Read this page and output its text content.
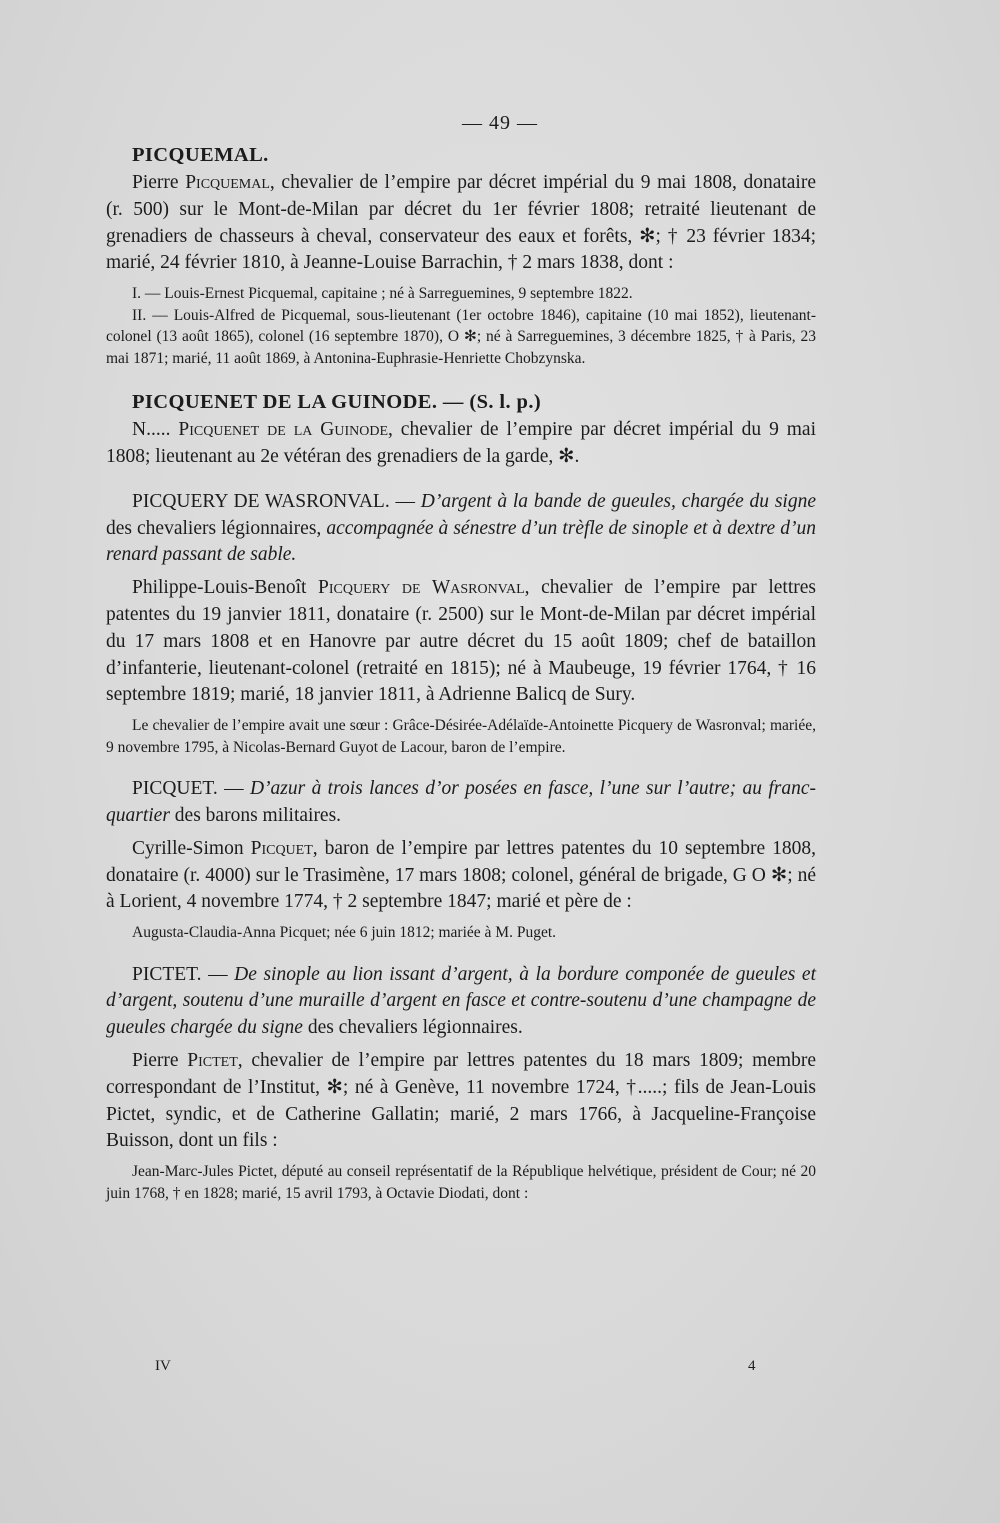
— 49 —
PICQUEMAL.

Pierre Picquemal, chevalier de l’empire par décret impérial du 9 mai 1808, donataire (r. 500) sur le Mont-de-Milan par décret du 1er février 1808; retraité lieutenant de grenadiers de chasseurs à cheval, conservateur des eaux et forêts, ✻; † 23 février 1834; marié, 24 février 1810, à Jeanne-Louise Barrachin, † 2 mars 1838, dont :

I. — Louis-Ernest Picquemal, capitaine ; né à Sarreguemines, 9 septembre 1822.

II. — Louis-Alfred de Picquemal, sous-lieutenant (1er octobre 1846), capitaine (10 mai 1852), lieutenant-colonel (13 août 1865), colonel (16 septembre 1870), O ✻; né à Sarreguemines, 3 décembre 1825, † à Paris, 23 mai 1871; marié, 11 août 1869, à Antonina-Euphrasie-Henriette Chobzynska.

PICQUENET DE LA GUINODE. — (S. l. p.)

N..... Picquenet de la Guinode, chevalier de l’empire par décret impérial du 9 mai 1808; lieutenant au 2e vétéran des grenadiers de la garde, ✻.

PICQUERY DE WASRONVAL. — D’argent à la bande de gueules, chargée du signe des chevaliers légionnaires, accompagnée à sénestre d’un trèfle de sinople et à dextre d’un renard passant de sable.

Philippe-Louis-Benoît Picquery de Wasronval, chevalier de l’empire par lettres patentes du 19 janvier 1811, donataire (r. 2500) sur le Mont-de-Milan par décret impérial du 17 mars 1808 et en Hanovre par autre décret du 15 août 1809; chef de bataillon d’infanterie, lieutenant-colonel (retraité en 1815); né à Maubeuge, 19 février 1764, † 16 septembre 1819; marié, 18 janvier 1811, à Adrienne Balicq de Sury.

Le chevalier de l’empire avait une sœur : Grâce-Désirée-Adélaïde-Antoinette Picquery de Wasronval; mariée, 9 novembre 1795, à Nicolas-Bernard Guyot de Lacour, baron de l’empire.

PICQUET. — D’azur à trois lances d’or posées en fasce, l’une sur l’autre; au franc-quartier des barons militaires.

Cyrille-Simon Picquet, baron de l’empire par lettres patentes du 10 septembre 1808, donataire (r. 4000) sur le Trasimène, 17 mars 1808; colonel, général de brigade, G O ✻; né à Lorient, 4 novembre 1774, † 2 septembre 1847; marié et père de :

Augusta-Claudia-Anna Picquet; née 6 juin 1812; mariée à M. Puget.

PICTET. — De sinople au lion issant d’argent, à la bordure componée de gueules et d’argent, soutenu d’une muraille d’argent en fasce et contre-soutenu d’une champagne de gueules chargée du signe des chevaliers légionnaires.

Pierre Pictet, chevalier de l’empire par lettres patentes du 18 mars 1809; membre correspondant de l’Institut, ✻; né à Genève, 11 novembre 1724, †.....; fils de Jean-Louis Pictet, syndic, et de Catherine Gallatin; marié, 2 mars 1766, à Jacqueline-Françoise Buisson, dont un fils :

Jean-Marc-Jules Pictet, député au conseil représentatif de la République helvétique, président de Cour; né 20 juin 1768, † en 1828; marié, 15 avril 1793, à Octavie Diodati, dont :

IV	4
